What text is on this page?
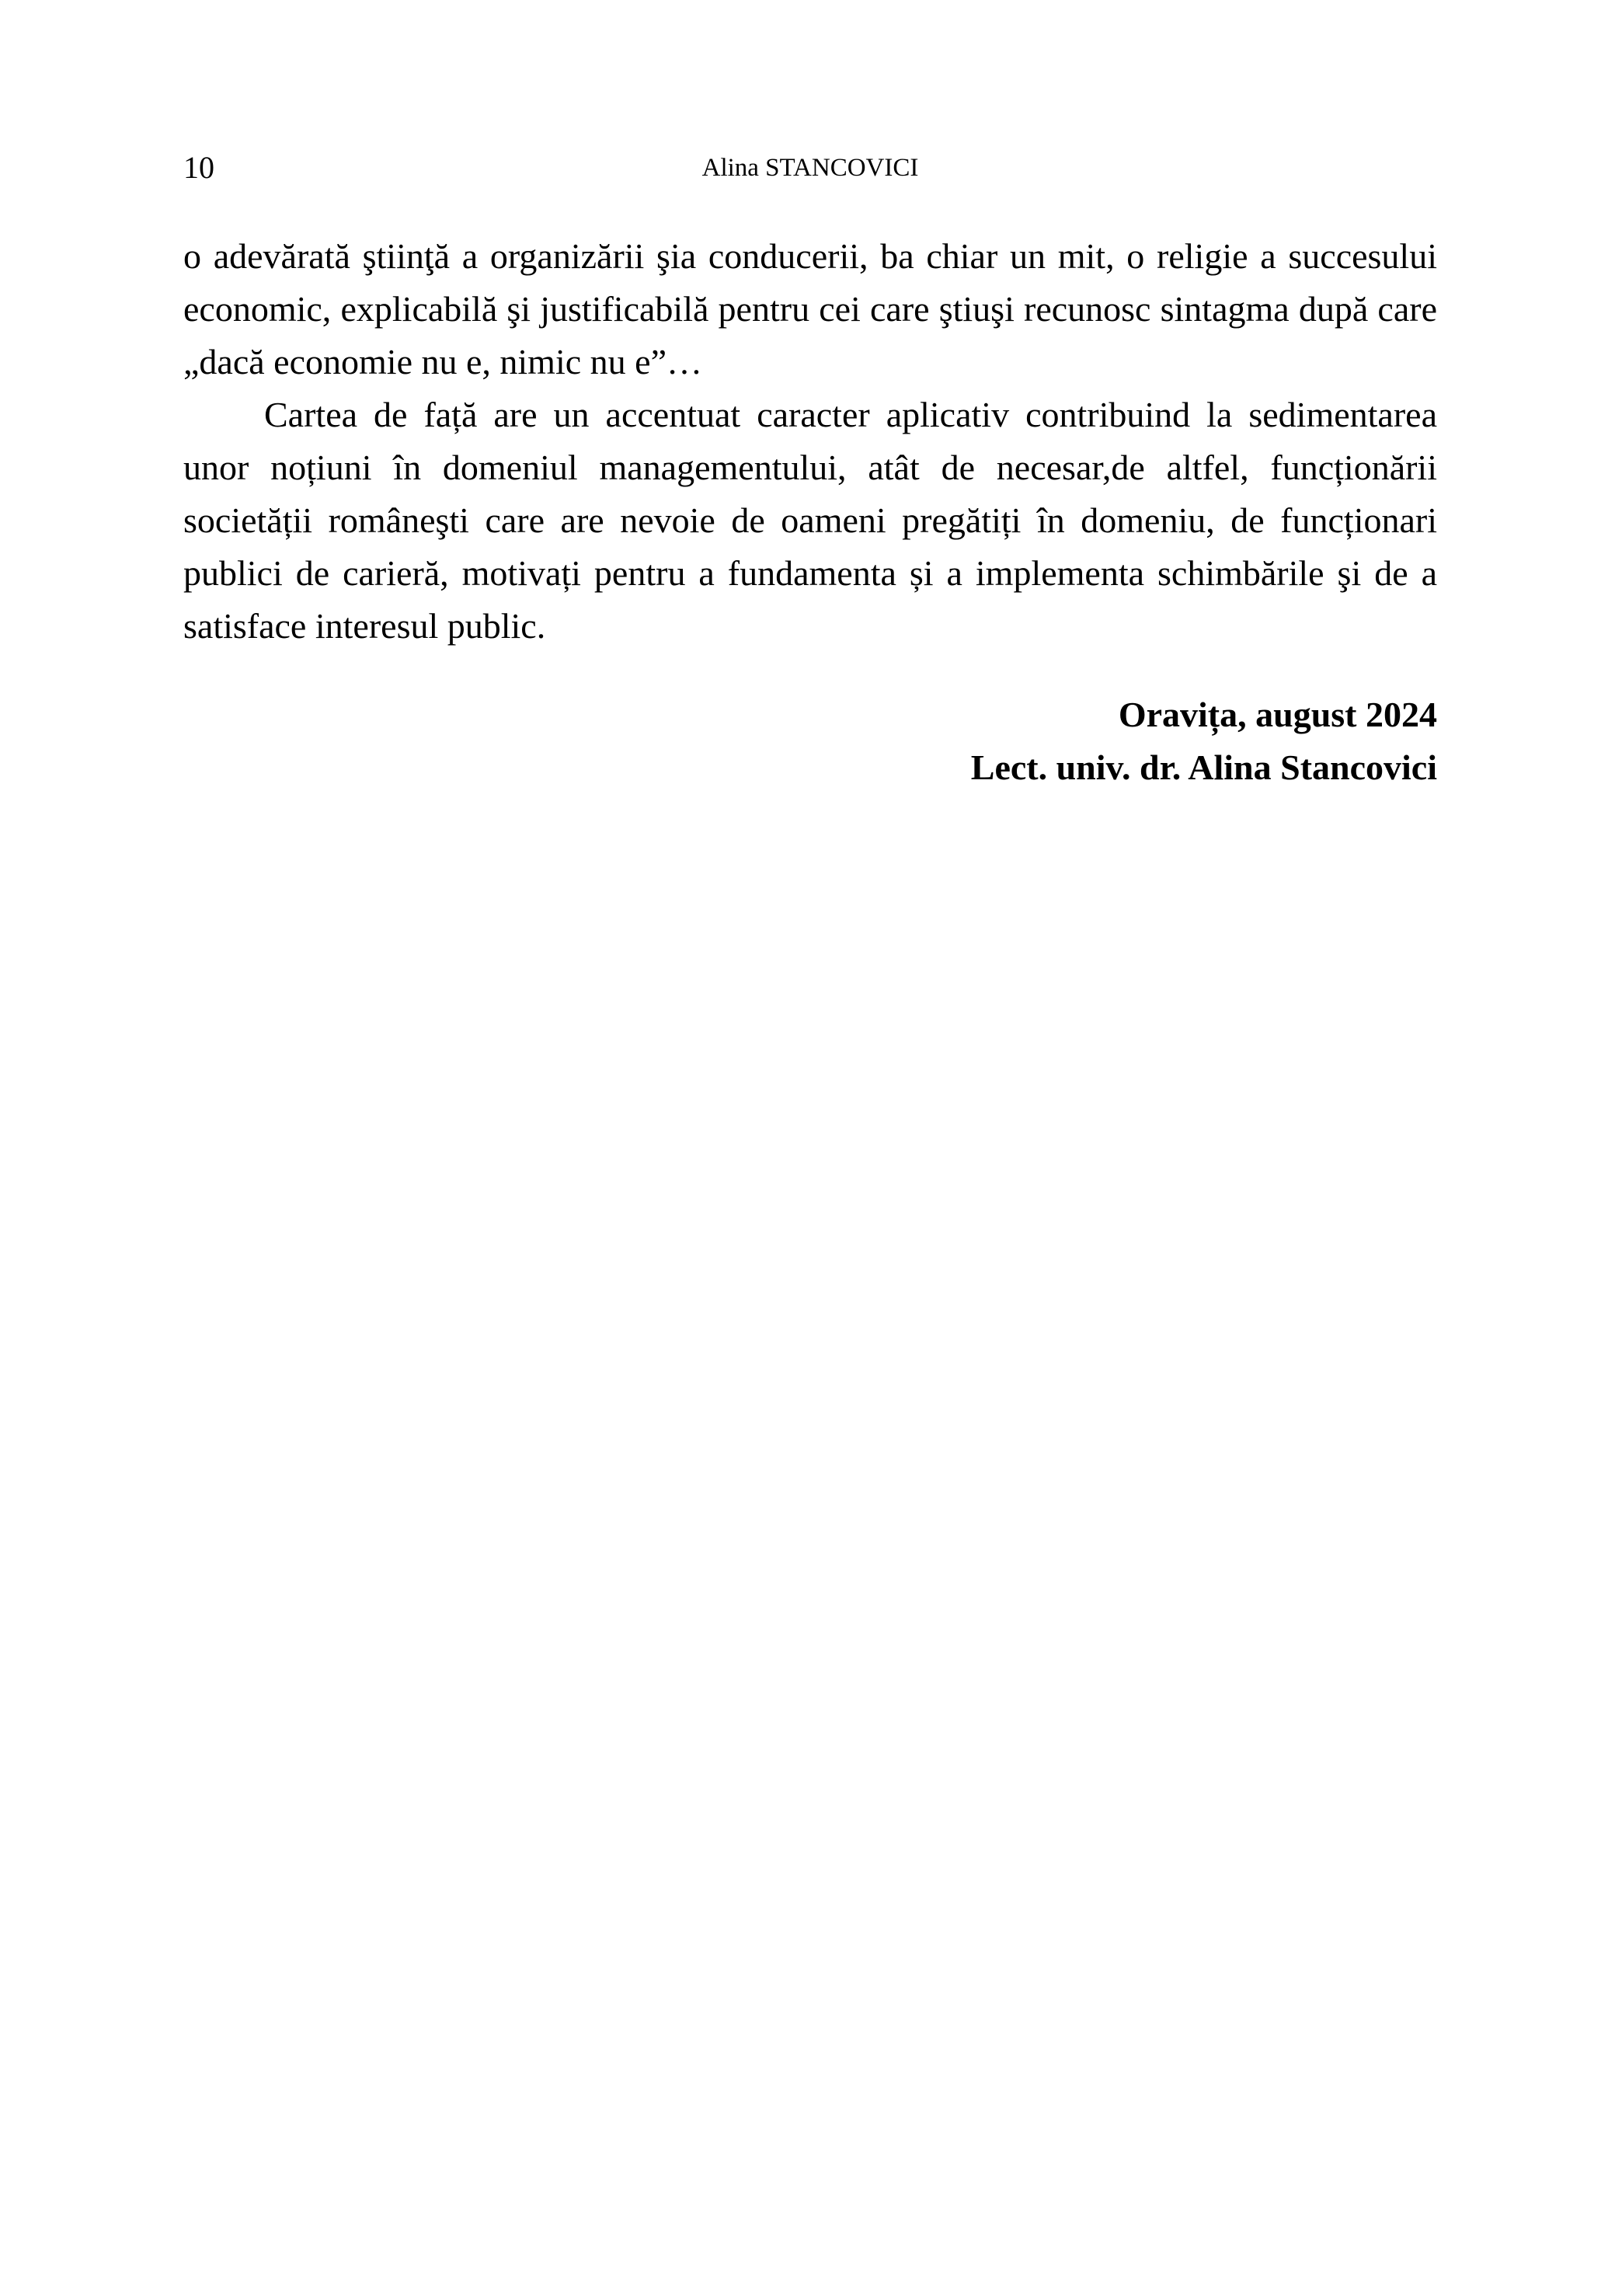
10	Alina STANCOVICI

o adevărată ştiinţă a organizării şia conducerii, ba chiar un mit, o religie a succesului economic, explicabilă şi justificabilă pentru cei care ştiuşi recunosc sintagma după care „dacă economie nu e, nimic nu e”…

Cartea de față are un accentuat caracter aplicativ contribuind la sedimentarea unor noțiuni în domeniul managementului, atât de necesar,de altfel, funcționării societății româneşti care are nevoie de oameni pregătiți în domeniu, de funcționari publici de carieră, motivați pentru a fundamenta și a implementa schimbările şi de a satisface interesul public.

Oravița, august 2024
Lect. univ. dr. Alina Stancovici
